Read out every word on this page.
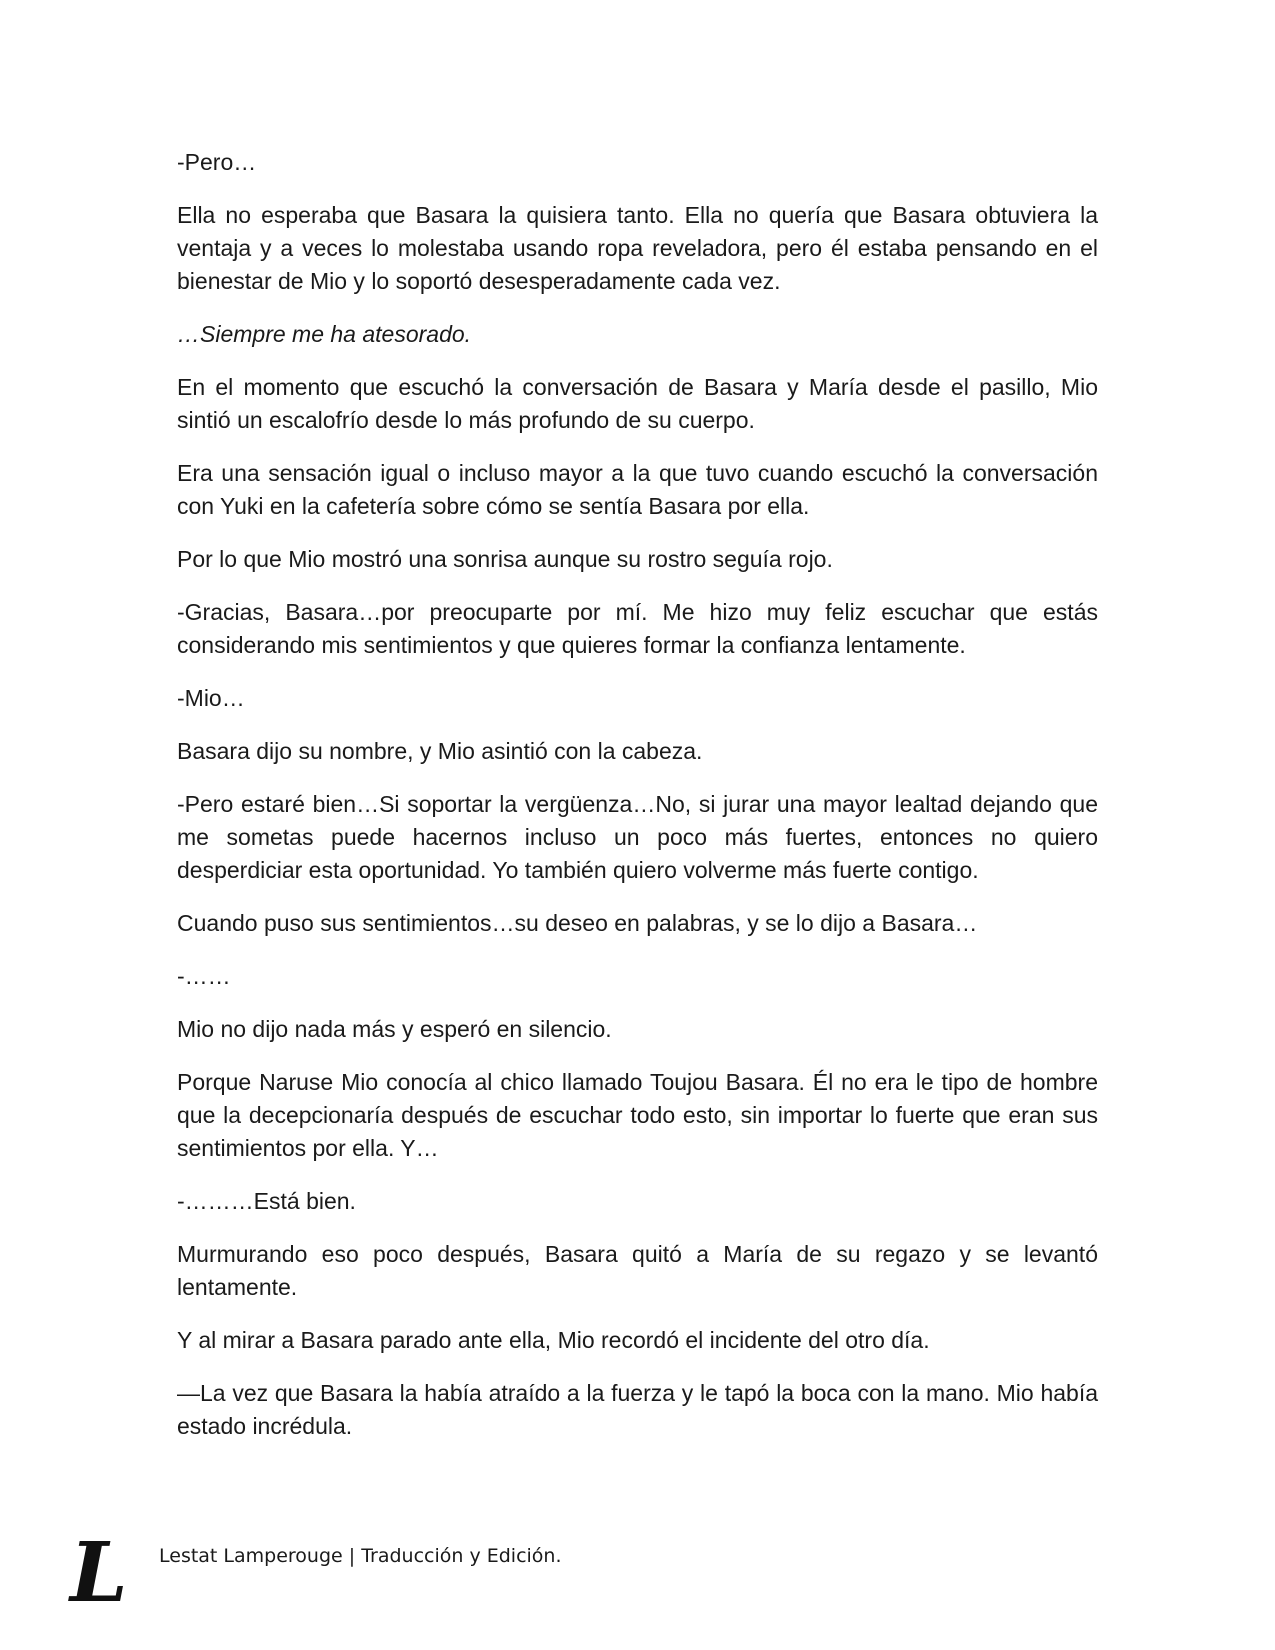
-Pero…

Ella no esperaba que Basara la quisiera tanto. Ella no quería que Basara obtuviera la ventaja y a veces lo molestaba usando ropa reveladora, pero él estaba pensando en el bienestar de Mio y lo soportó desesperadamente cada vez.

…Siempre me ha atesorado.

En el momento que escuchó la conversación de Basara y María desde el pasillo, Mio sintió un escalofrío desde lo más profundo de su cuerpo.

Era una sensación igual o incluso mayor a la que tuvo cuando escuchó la conversación con Yuki en la cafetería sobre cómo se sentía Basara por ella.

Por lo que Mio mostró una sonrisa aunque su rostro seguía rojo.

-Gracias, Basara…por preocuparte por mí. Me hizo muy feliz escuchar que estás considerando mis sentimientos y que quieres formar la confianza lentamente.

-Mio…

Basara dijo su nombre, y Mio asintió con la cabeza.

-Pero estaré bien…Si soportar la vergüenza…No, si jurar una mayor lealtad dejando que me sometas puede hacernos incluso un poco más fuertes, entonces no quiero desperdiciar esta oportunidad. Yo también quiero volverme más fuerte contigo.

Cuando puso sus sentimientos…su deseo en palabras, y se lo dijo a Basara…

-……

Mio no dijo nada más y esperó en silencio.

Porque Naruse Mio conocía al chico llamado Toujou Basara. Él no era le tipo de hombre que la decepcionaría después de escuchar todo esto, sin importar lo fuerte que eran sus sentimientos por ella. Y…

-………Está bien.

Murmurando eso poco después, Basara quitó a María de su regazo y se levantó lentamente.

Y al mirar a Basara parado ante ella, Mio recordó el incidente del otro día.

—La vez que Basara la había atraído a la fuerza y le tapó la boca con la mano. Mio había estado incrédula.

L Lestat Lamperouge | Traducción y Edición.
